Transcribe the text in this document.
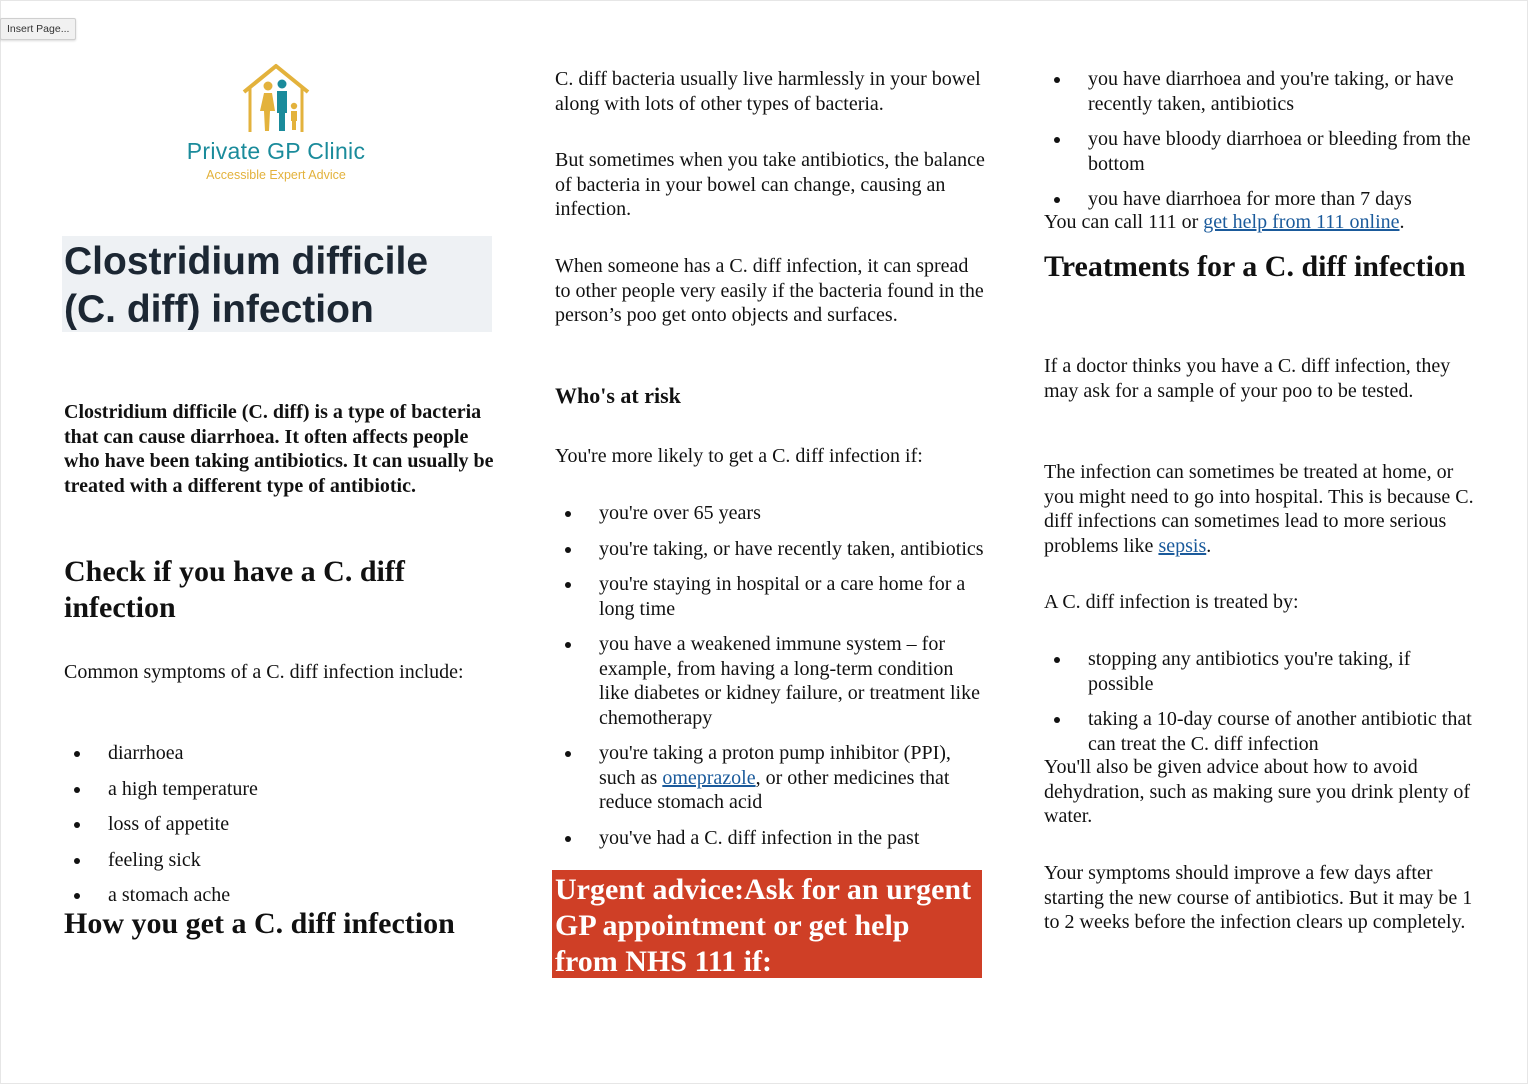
Insert Page...
Private GP Clinic
Accessible Expert Advice
Clostridium difficile
(C. diff) infection

Clostridium difficile (C. diff) is a type of bacteria that can cause diarrhoea. It often affects people who have been taking antibiotics. It can usually be treated with a different type of antibiotic.

Check if you have a C. diff infection

Common symptoms of a C. diff infection include:

diarrhoea
a high temperature
loss of appetite
feeling sick
a stomach ache
How you get a C. diff infection

C. diff bacteria usually live harmlessly in your bowel along with lots of other types of bacteria.

But sometimes when you take antibiotics, the balance of bacteria in your bowel can change, causing an infection.

When someone has a C. diff infection, it can spread to other people very easily if the bacteria found in the person’s poo get onto objects and surfaces.

Who's at risk

You're more likely to get a C. diff infection if:

you're over 65 years
you're taking, or have recently taken, antibiotics
you're staying in hospital or a care home for a long time
you have a weakened immune system – for example, from having a long-term condition like diabetes or kidney failure, or treatment like chemotherapy
you're taking a proton pump inhibitor (PPI), such as omeprazole, or other medicines that reduce stomach acid
you've had a C. diff infection in the past
Urgent advice:Ask for an urgent GP appointment or get help from NHS 111 if:
you have diarrhoea and you're taking, or have recently taken, antibiotics
you have bloody diarrhoea or bleeding from the bottom
you have diarrhoea for more than 7 days

You can call 111 or get help from 111 online.

Treatments for a C. diff infection

If a doctor thinks you have a C. diff infection, they may ask for a sample of your poo to be tested.

The infection can sometimes be treated at home, or you might need to go into hospital. This is because C. diff infections can sometimes lead to more serious problems like sepsis.

A C. diff infection is treated by:

stopping any antibiotics you're taking, if possible
taking a 10-day course of another antibiotic that can treat the C. diff infection

You'll also be given advice about how to avoid dehydration, such as making sure you drink plenty of water.

Your symptoms should improve a few days after starting the new course of antibiotics. But it may be 1 to 2 weeks before the infection clears up completely.
